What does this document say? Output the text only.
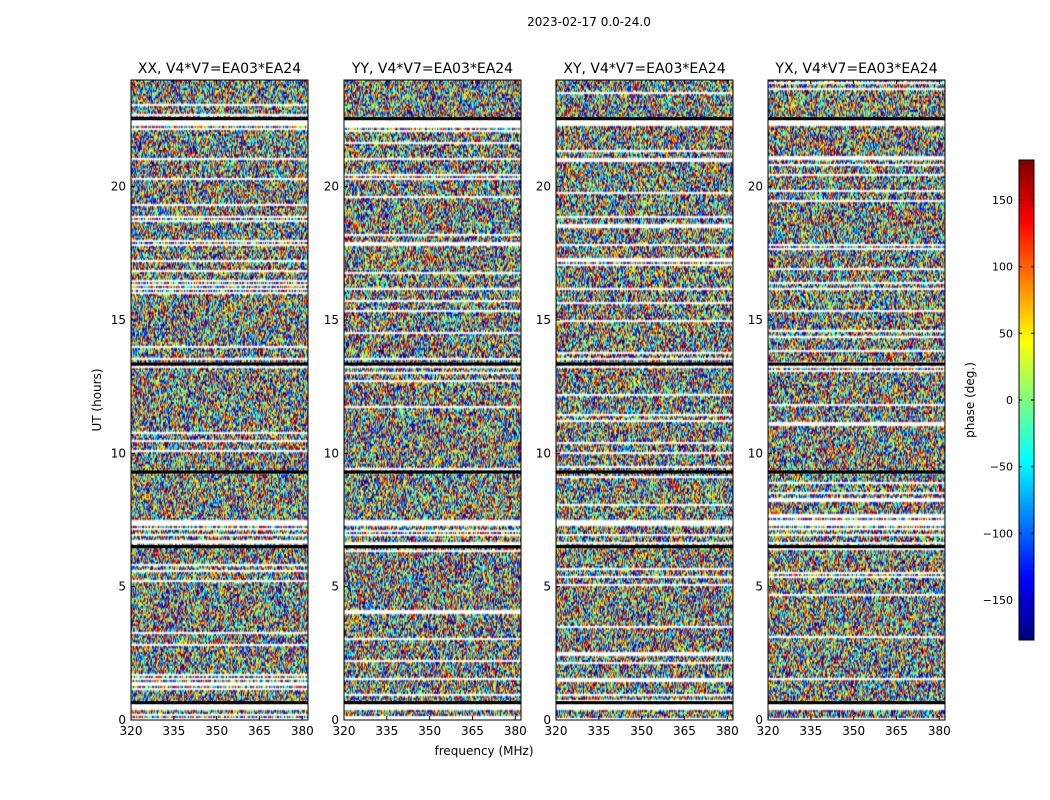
2023-02-17 0.0-24.0
XX, V4*V7=EA03*EA24
320 335 350 365 380
0
5
10
15
20
YY, V4*V7=EA03*EA24
320 335 350 365 380
0
5
10
15
20
XY, V4*V7=EA03*EA24
320 335 350 365 380
0
5
10
15
20
YX, V4*V7=EA03*EA24
320 335 350 365 380
0
5
10
15
20
frequency (MHz)
UT (hours)
150
100
50
0
−50
−100
−150
phase (deg.)
